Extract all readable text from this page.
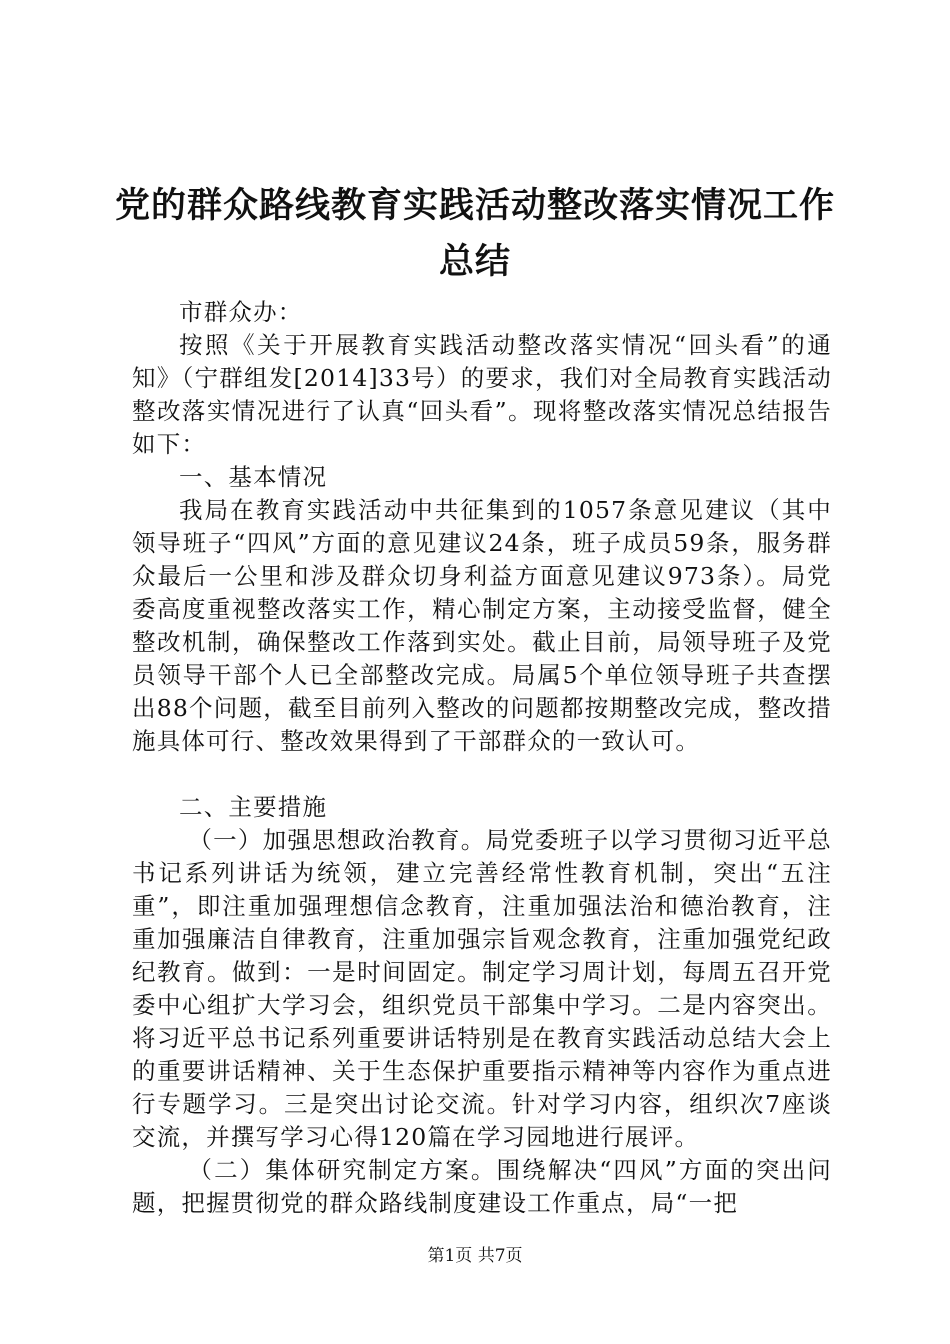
党的群众路线教育实践活动整改落实情况工作
总结

市群众办：

按照《关于开展教育实践活动整改落实情况“回头看”的通知》（宁群组发[2014]33号）的要求，我们对全局教育实践活动整改落实情况进行了认真“回头看”。现将整改落实情况总结报告如下：

一、基本情况

我局在教育实践活动中共征集到的1057条意见建议（其中领导班子“四风”方面的意见建议24条，班子成员59条，服务群众最后一公里和涉及群众切身利益方面意见建议973条）。局党委高度重视整改落实工作，精心制定方案，主动接受监督，健全整改机制，确保整改工作落到实处。截止目前，局领导班子及党员领导干部个人已全部整改完成。局属5个单位领导班子共查摆出88个问题，截至目前列入整改的问题都按期整改完成，整改措施具体可行、整改效果得到了干部群众的一致认可。

二、主要措施

（一）加强思想政治教育。局党委班子以学习贯彻习近平总书记系列讲话为统领，建立完善经常性教育机制，突出“五注重”，即注重加强理想信念教育，注重加强法治和德治教育，注重加强廉洁自律教育，注重加强宗旨观念教育，注重加强党纪政纪教育。做到：一是时间固定。制定学习周计划，每周五召开党委中心组扩大学习会，组织党员干部集中学习。二是内容突出。将习近平总书记系列重要讲话特别是在教育实践活动总结大会上的重要讲话精神、关于生态保护重要指示精神等内容作为重点进行专题学习。三是突出讨论交流。针对学习内容，组织次7座谈交流，并撰写学习心得120篇在学习园地进行展评。

（二）集体研究制定方案。围绕解决“四风”方面的突出问题，把握贯彻党的群众路线制度建设工作重点，局“一把

第1页 共7页
